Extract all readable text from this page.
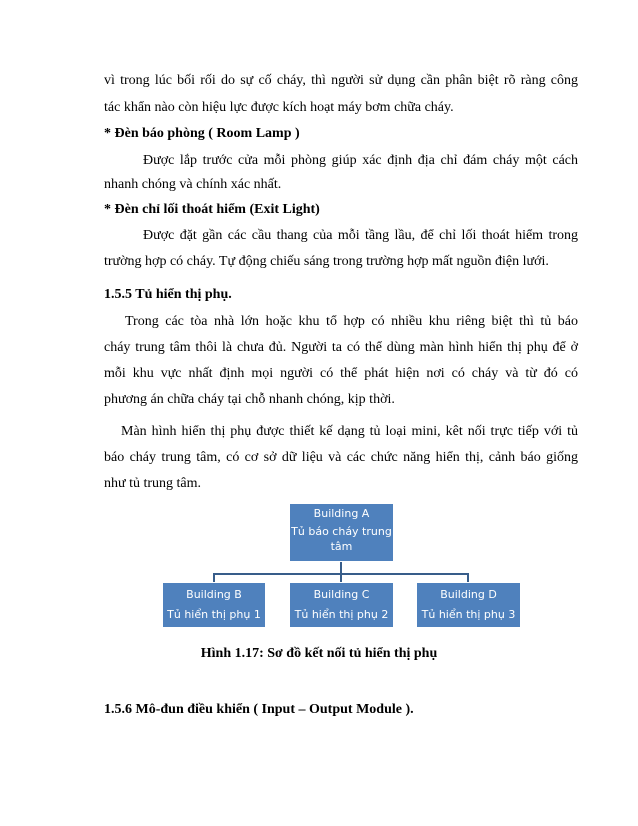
vì trong lúc bối rối do sự cố cháy, thì người sử dụng cần phân biệt rõ ràng công
tác khẩn nào còn hiệu lực được kích hoạt máy bơm chữa cháy.
* Đèn báo phòng ( Room Lamp )
Được lắp trước cửa mỗi phòng giúp xác định địa chỉ đám cháy một cách
nhanh chóng và chính xác nhất.
* Đèn chỉ lối thoát hiểm (Exit Light)
Được đặt gần các cầu thang của mỗi tầng lầu, để chỉ lối thoát hiểm trong
trường hợp có cháy. Tự động chiếu sáng trong trường hợp mất nguồn điện lưới.
1.5.5 Tủ hiển thị phụ.
Trong các tòa nhà lớn hoặc khu tổ hợp có nhiều khu riêng biệt thì tủ báo
cháy trung tâm thôi là chưa đủ. Người ta có thể dùng màn hình hiển thị phụ để ở
mỗi khu vực nhất định mọi người có thể phát hiện nơi có cháy và từ đó có
phương án chữa cháy tại chỗ nhanh chóng, kịp thời.
Màn hình hiển thị phụ được thiết kế dạng tủ loại mini, kêt nối trực tiếp với tủ
báo cháy trung tâm, có cơ sở dữ liệu và các chức năng hiển thị, cảnh báo giống
như tủ trung tâm.
Building A
Tủ báo cháy trung tâm
Building B
Tủ hiển thị phụ 1
Building C
Tủ hiển thị phụ 2
Building D
Tủ hiển thị phụ 3
Hình 1.17: Sơ đồ kết nối tủ hiển thị phụ
1.5.6 Mô-đun điều khiển ( Input – Output Module ).
